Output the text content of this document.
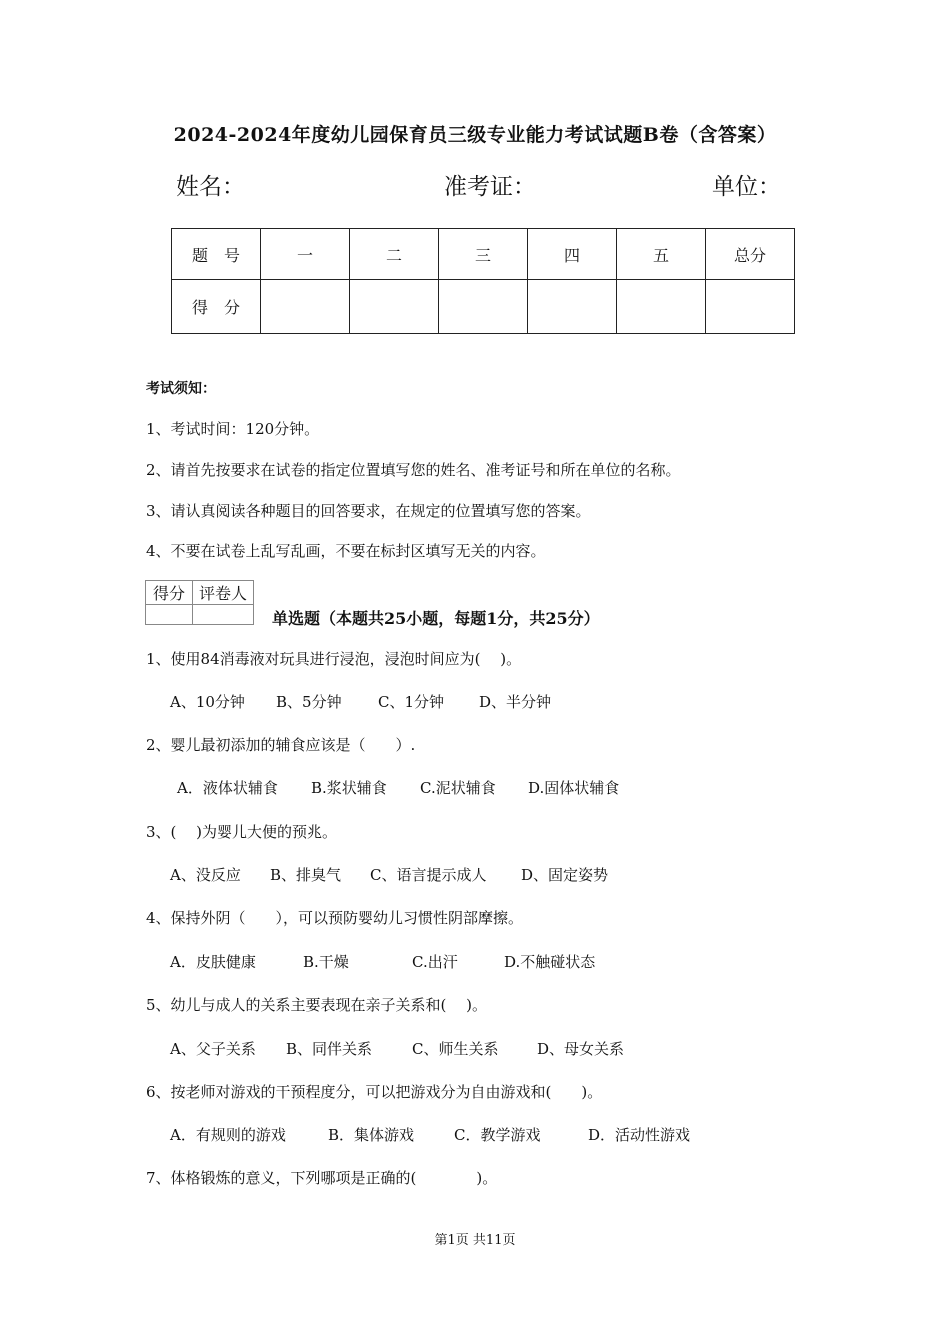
2024-2024年度幼儿园保育员三级专业能力考试试题B卷（含答案）
姓名：	准考证：	单位：
题　号	一	二	三	四	五	总分
得　分						
考试须知：
1、考试时间：120分钟。
2、请首先按要求在试卷的指定位置填写您的姓名、准考证号和所在单位的名称。
3、请认真阅读各种题目的回答要求，在规定的位置填写您的答案。
4、不要在试卷上乱写乱画，不要在标封区填写无关的内容。
得分	评卷人

单选题（本题共25小题，每题1分，共25分）
1、使用84消毒液对玩具进行浸泡，浸泡时间应为(　 )。
A、10分钟 B、5分钟 C、1分钟 D、半分钟
2、婴儿最初添加的辅食应该是（　　）.
A．液体状辅食 B.浆状辅食 C.泥状辅食 D.固体状辅食
3、(　 )为婴儿大便的预兆。
A、没反应 B、排臭气 C、语言提示成人 D、固定姿势
4、保持外阴（　　），可以预防婴幼儿习惯性阴部摩擦。
A．皮肤健康	B.干燥	C.出汗	D.不触碰状态
5、幼儿与成人的关系主要表现在亲子关系和(　 )。
A、父子关系 B、同伴关系	C、师生关系	D、母女关系
6、按老师对游戏的干预程度分，可以把游戏分为自由游戏和(　　)。
A．有规则的游戏	B．集体游戏	C．教学游戏	D．活动性游戏
7、体格锻炼的意义，下列哪项是正确的(　　　　)。
第1页 共11页
